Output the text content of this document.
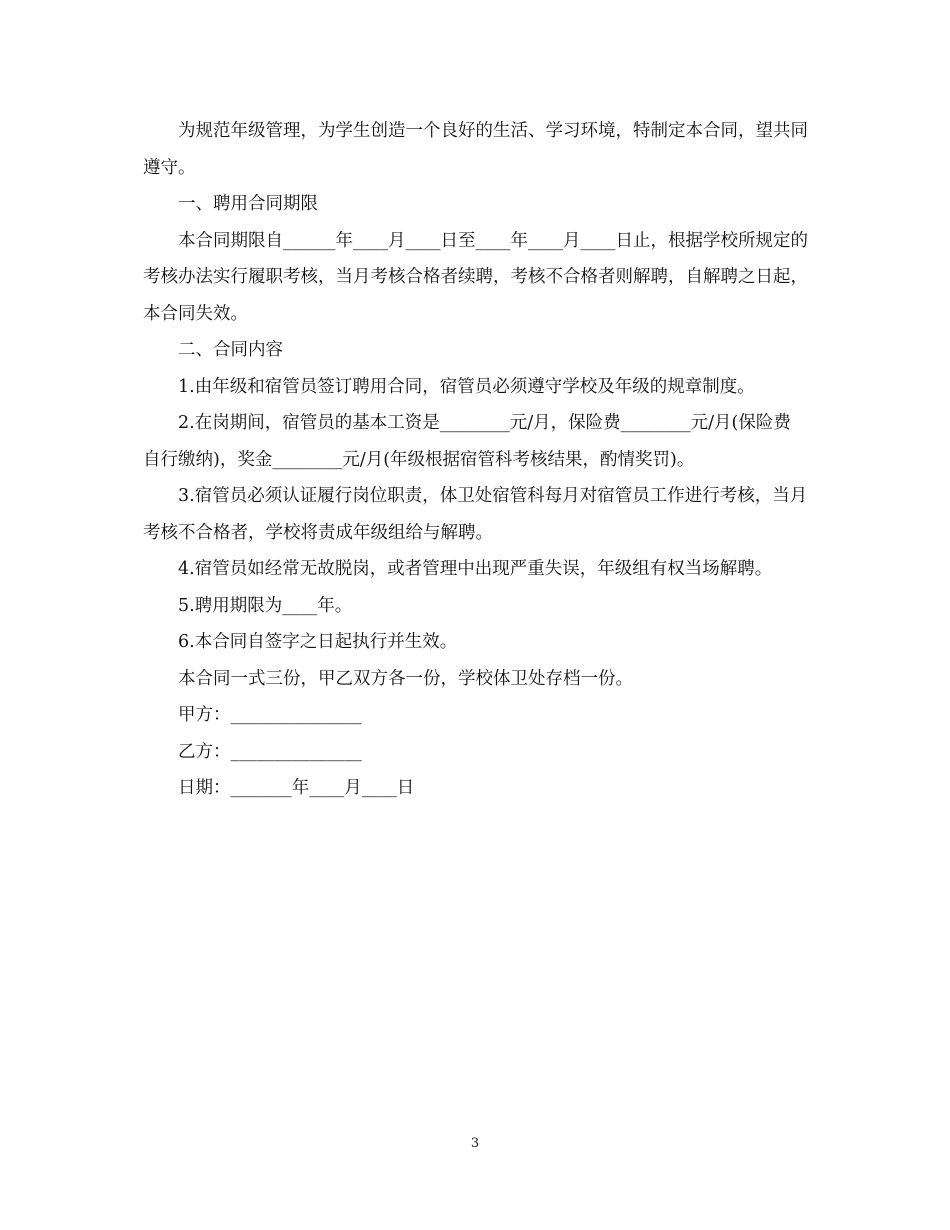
为规范年级管理，为学生创造一个良好的生活、学习环境，特制定本合同，望共同遵守。

一、聘用合同期限

本合同期限自______年____月____日至____年____月____日止，根据学校所规定的考核办法实行履职考核，当月考核合格者续聘，考核不合格者则解聘，自解聘之日起，本合同失效。

二、合同内容

1.由年级和宿管员签订聘用合同，宿管员必须遵守学校及年级的规章制度。

2.在岗期间，宿管员的基本工资是________元/月，保险费________元/月(保险费自行缴纳)，奖金________元/月(年级根据宿管科考核结果，酌情奖罚)。

3.宿管员必须认证履行岗位职责，体卫处宿管科每月对宿管员工作进行考核，当月考核不合格者，学校将责成年级组给与解聘。

4.宿管员如经常无故脱岗，或者管理中出现严重失误，年级组有权当场解聘。

5.聘用期限为____年。

6.本合同自签字之日起执行并生效。

本合同一式三份，甲乙双方各一份，学校体卫处存档一份。

甲方：_______________

乙方：_______________

日期：_______年____月____日

3
